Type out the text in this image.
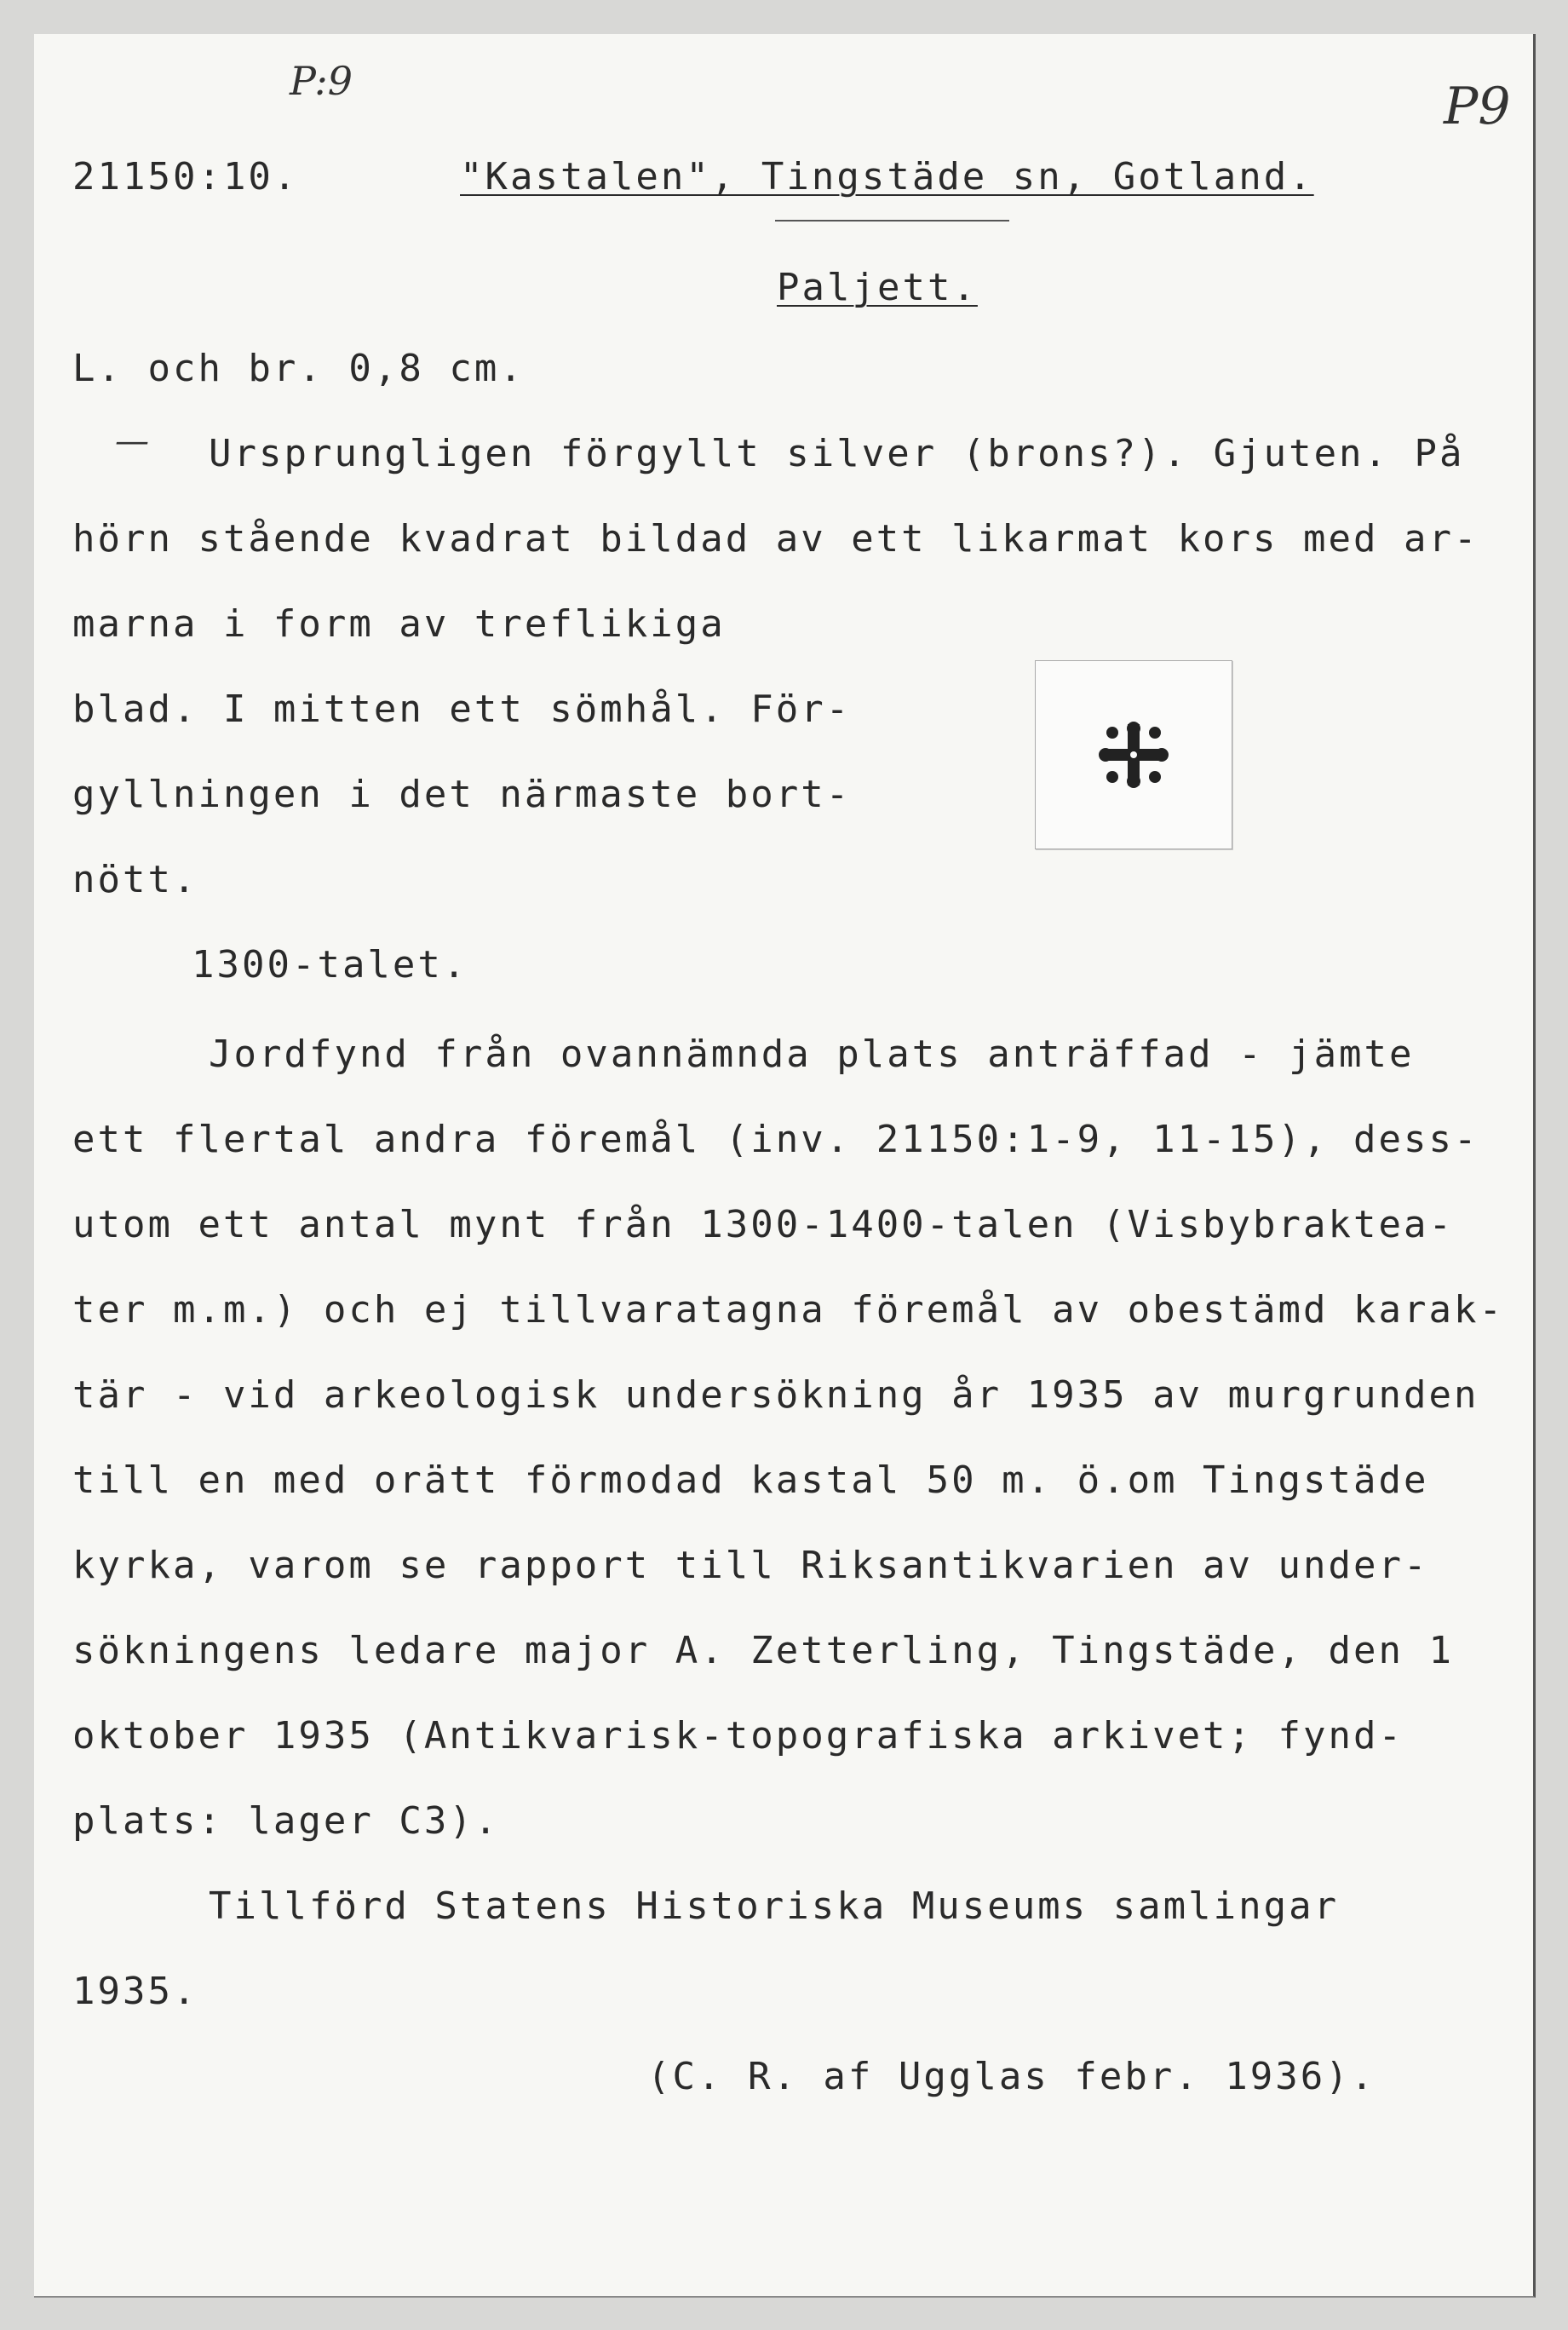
P:9	P9
21150:10.	"Kastalen", Tingstäde sn, Gotland.
Paljett.
L. och br. 0,8 cm.
— Ursprungligen förgyllt silver (brons?). Gjuten. På
hörn stående kvadrat bildad av ett likarmat kors med ar-
marna i form av treflikiga
blad. I mitten ett sömhål. För-
gyllningen i det närmaste bort-
nött.
1300-talet.
Jordfynd från ovannämnda plats anträffad - jämte
ett flertal andra föremål (inv. 21150:1-9, 11-15), dess-
utom ett antal mynt från 1300-1400-talen (Visbybraktea-
ter m.m.) och ej tillvaratagna föremål av obestämd karak-
tär - vid arkeologisk undersökning år 1935 av murgrunden
till en med orätt förmodad kastal 50 m. ö.om Tingstäde
kyrka, varom se rapport till Riksantikvarien av under-
sökningens ledare major A. Zetterling, Tingstäde, den 1
oktober 1935 (Antikvarisk-topografiska arkivet; fynd-
plats: lager C3).
Tillförd Statens Historiska Museums samlingar
1935.
(C. R. af Ugglas febr. 1936).
